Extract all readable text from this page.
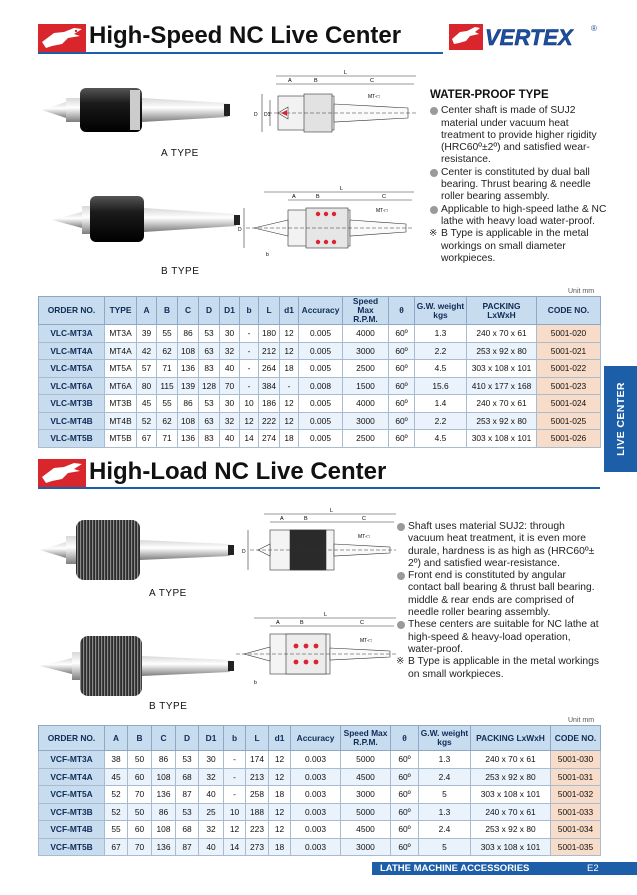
High-Speed NC Live Center	VERTEX ®
A TYPE
B TYPE
L
A	B	C
MT-□
D D1
L
A	B	C
MT-□
D
b
WATER-PROOF TYPE
Center shaft is made of SUJ2 material under vacuum heat treatment to provide higher rigidity (HRC60º±2º) and satisfied wear-resistance.
Center is constituted by dual ball bearing. Thrust bearing & needle roller bearing assembly.
Applicable to high-speed lathe & NC lathe with heavy load water-proof.
※ B Type is applicable in the metal workings on small diameter workpieces.
Unit mm
ORDER NO.	TYPE	A	B	C	D	D1	b	L	d1	Accuracy	Speed Max R.P.M.	θ	G.W. weight kgs	PACKING LxWxH	CODE NO.
VLC-MT3A	MT3A	39	55	86	53	30	-	180	12	0.005	4000	60º	1.3	240 x 70 x 61	5001-020
VLC-MT4A	MT4A	42	62	108	63	32	-	212	12	0.005	3000	60º	2.2	253 x 92 x 80	5001-021
VLC-MT5A	MT5A	57	71	136	83	40	-	264	18	0.005	2500	60º	4.5	303 x 108 x 101	5001-022
VLC-MT6A	MT6A	80	115	139	128	70	-	384	-	0.008	1500	60º	15.6	410 x 177 x 168	5001-023
VLC-MT3B	MT3B	45	55	86	53	30	10	186	12	0.005	4000	60º	1.4	240 x 70 x 61	5001-024
VLC-MT4B	MT4B	52	62	108	63	32	12	222	12	0.005	3000	60º	2.2	253 x 92 x 80	5001-025
VLC-MT5B	MT5B	67	71	136	83	40	14	274	18	0.005	2500	60º	4.5	303 x 108 x 101	5001-026
High-Load NC Live Center
A TYPE
B TYPE
L
A	B	C
MT-□
D
L
A	B	C
MT-□
b
Shaft uses material SUJ2: through vacuum heat treatment, it is even more durale, hardness is as high as (HRC60º± 2º) and satisfied wear-resistance.
Front end is constituted by angular contact ball bearing & thrust ball bearing. middle & rear ends are comprised of needle roller bearing assembly.
These centers are suitable for NC lathe at high-speed & heavy-load operation, water-proof.
※ B Type is applicable in the metal workings on small workpieces.
Unit mm
ORDER NO.	A	B	C	D	D1	b	L	d1	Accuracy	Speed Max R.P.M.	θ	G.W. weight kgs	PACKING LxWxH	CODE NO.
VCF-MT3A	38	50	86	53	30	-	174	12	0.003	5000	60º	1.3	240 x 70 x 61	5001-030
VCF-MT4A	45	60	108	68	32	-	213	12	0.003	4500	60º	2.4	253 x 92 x 80	5001-031
VCF-MT5A	52	70	136	87	40	-	258	18	0.003	3000	60º	5	303 x 108 x 101	5001-032
VCF-MT3B	52	50	86	53	25	10	188	12	0.003	5000	60º	1.3	240 x 70 x 61	5001-033
VCF-MT4B	55	60	108	68	32	12	223	12	0.003	4500	60º	2.4	253 x 92 x 80	5001-034
VCF-MT5B	67	70	136	87	40	14	273	18	0.003	3000	60º	5	303 x 108 x 101	5001-035
LIVE CENTER
LATHE MACHINE ACCESSORIES	E2
